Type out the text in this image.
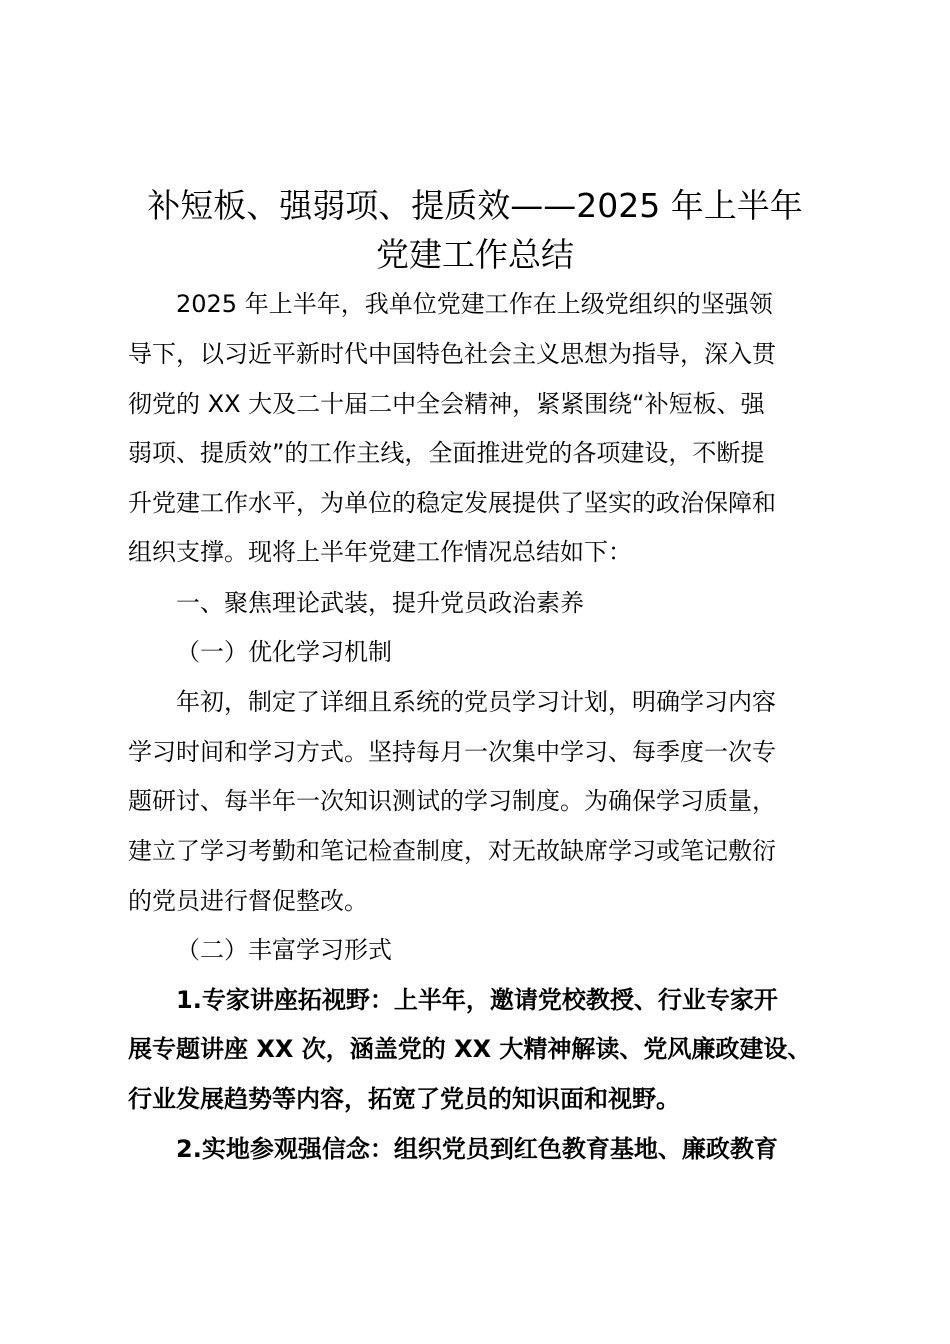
补短板、强弱项、提质效——2025 年上半年
党建工作总结

2025 年上半年，我单位党建工作在上级党组织的坚强领

导下，以习近平新时代中国特色社会主义思想为指导，深入贯

彻党的 XX 大及二十届二中全会精神，紧紧围绕“补短板、强

弱项、提质效”的工作主线，全面推进党的各项建设，不断提

升党建工作水平，为单位的稳定发展提供了坚实的政治保障和

组织支撑。现将上半年党建工作情况总结如下：

一、聚焦理论武装，提升党员政治素养

（一）优化学习机制

年初，制定了详细且系统的党员学习计划，明确学习内容

学习时间和学习方式。坚持每月一次集中学习、每季度一次专

题研讨、每半年一次知识测试的学习制度。为确保学习质量，

建立了学习考勤和笔记检查制度，对无故缺席学习或笔记敷衍

的党员进行督促整改。

（二）丰富学习形式

1.专家讲座拓视野：上半年，邀请党校教授、行业专家开

展专题讲座 XX 次，涵盖党的 XX 大精神解读、党风廉政建设、

行业发展趋势等内容，拓宽了党员的知识面和视野。

2.实地参观强信念：组织党员到红色教育基地、廉政教育
